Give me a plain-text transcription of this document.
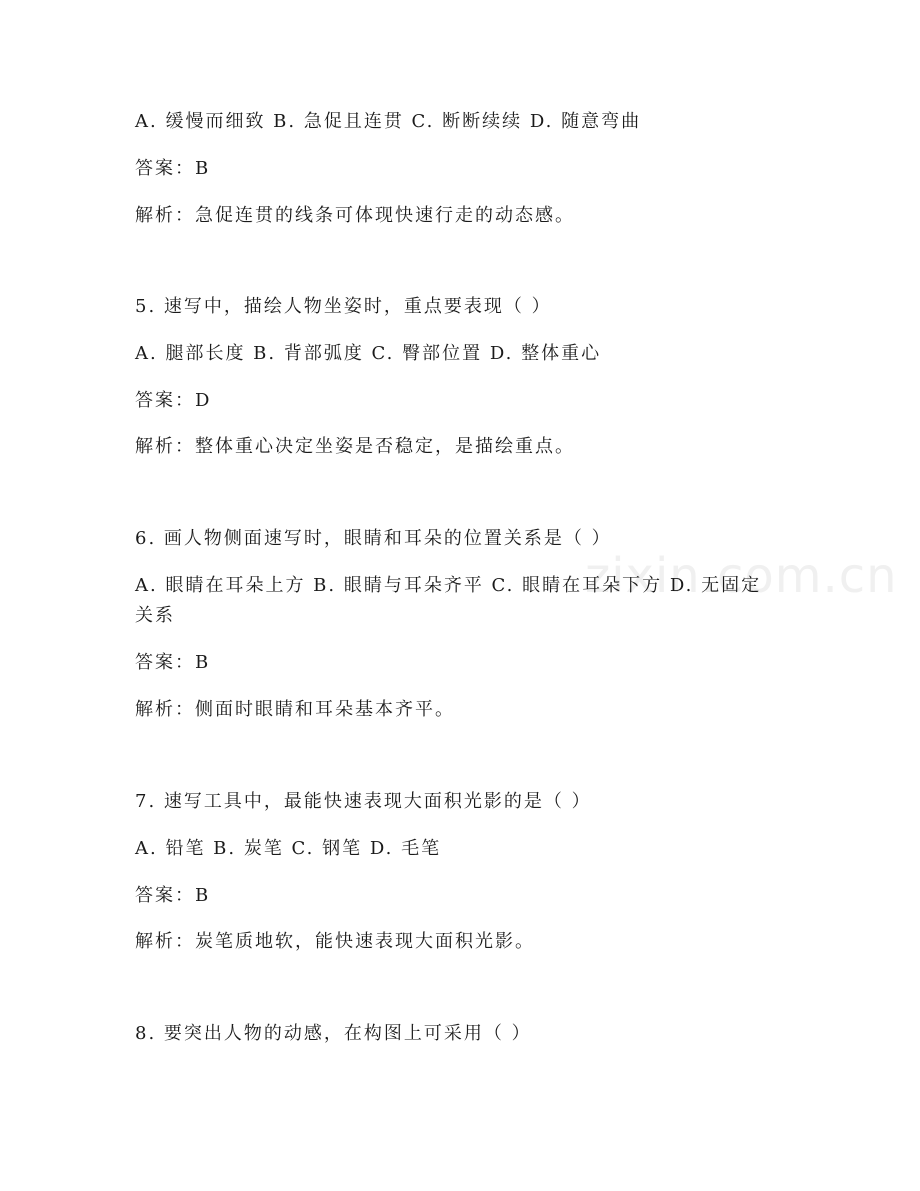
zixin.com.cn
A. 缓慢而细致 B. 急促且连贯 C. 断断续续 D. 随意弯曲
答案：B
解析：急促连贯的线条可体现快速行走的动态感。
5. 速写中，描绘人物坐姿时，重点要表现（ ）
A. 腿部长度 B. 背部弧度 C. 臀部位置 D. 整体重心
答案：D
解析：整体重心决定坐姿是否稳定，是描绘重点。
6. 画人物侧面速写时，眼睛和耳朵的位置关系是（ ）
A. 眼睛在耳朵上方 B. 眼睛与耳朵齐平 C. 眼睛在耳朵下方 D. 无固定关系
答案：B
解析：侧面时眼睛和耳朵基本齐平。
7. 速写工具中，最能快速表现大面积光影的是（ ）
A. 铅笔 B. 炭笔 C. 钢笔 D. 毛笔
答案：B
解析：炭笔质地软，能快速表现大面积光影。
8. 要突出人物的动感，在构图上可采用（ ）
